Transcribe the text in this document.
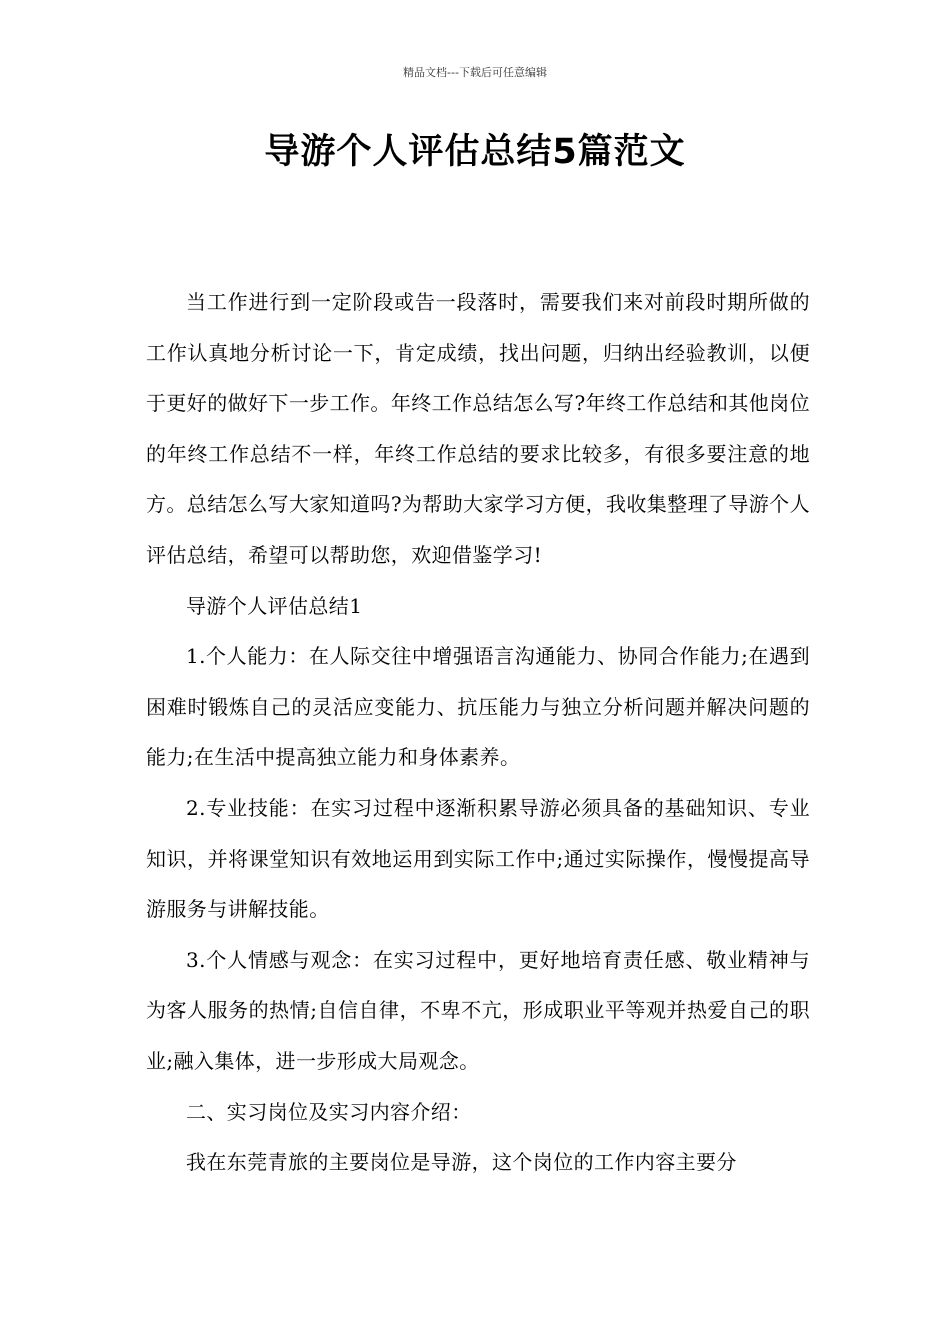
精品文档---下载后可任意编辑
导游个人评估总结5篇范文

当工作进行到一定阶段或告一段落时，需要我们来对前段时期所做的工作认真地分析讨论一下，肯定成绩，找出问题，归纳出经验教训，以便于更好的做好下一步工作。年终工作总结怎么写?年终工作总结和其他岗位的年终工作总结不一样，年终工作总结的要求比较多，有很多要注意的地方。总结怎么写大家知道吗?为帮助大家学习方便，我收集整理了导游个人评估总结，希望可以帮助您，欢迎借鉴学习!

导游个人评估总结1

1.个人能力：在人际交往中增强语言沟通能力、协同合作能力;在遇到困难时锻炼自己的灵活应变能力、抗压能力与独立分析问题并解决问题的能力;在生活中提高独立能力和身体素养。

2.专业技能：在实习过程中逐渐积累导游必须具备的基础知识、专业知识，并将课堂知识有效地运用到实际工作中;通过实际操作，慢慢提高导游服务与讲解技能。

3.个人情感与观念：在实习过程中，更好地培育责任感、敬业精神与为客人服务的热情;自信自律，不卑不亢，形成职业平等观并热爱自己的职业;融入集体，进一步形成大局观念。

二、实习岗位及实习内容介绍：

我在东莞青旅的主要岗位是导游，这个岗位的工作内容主要分
